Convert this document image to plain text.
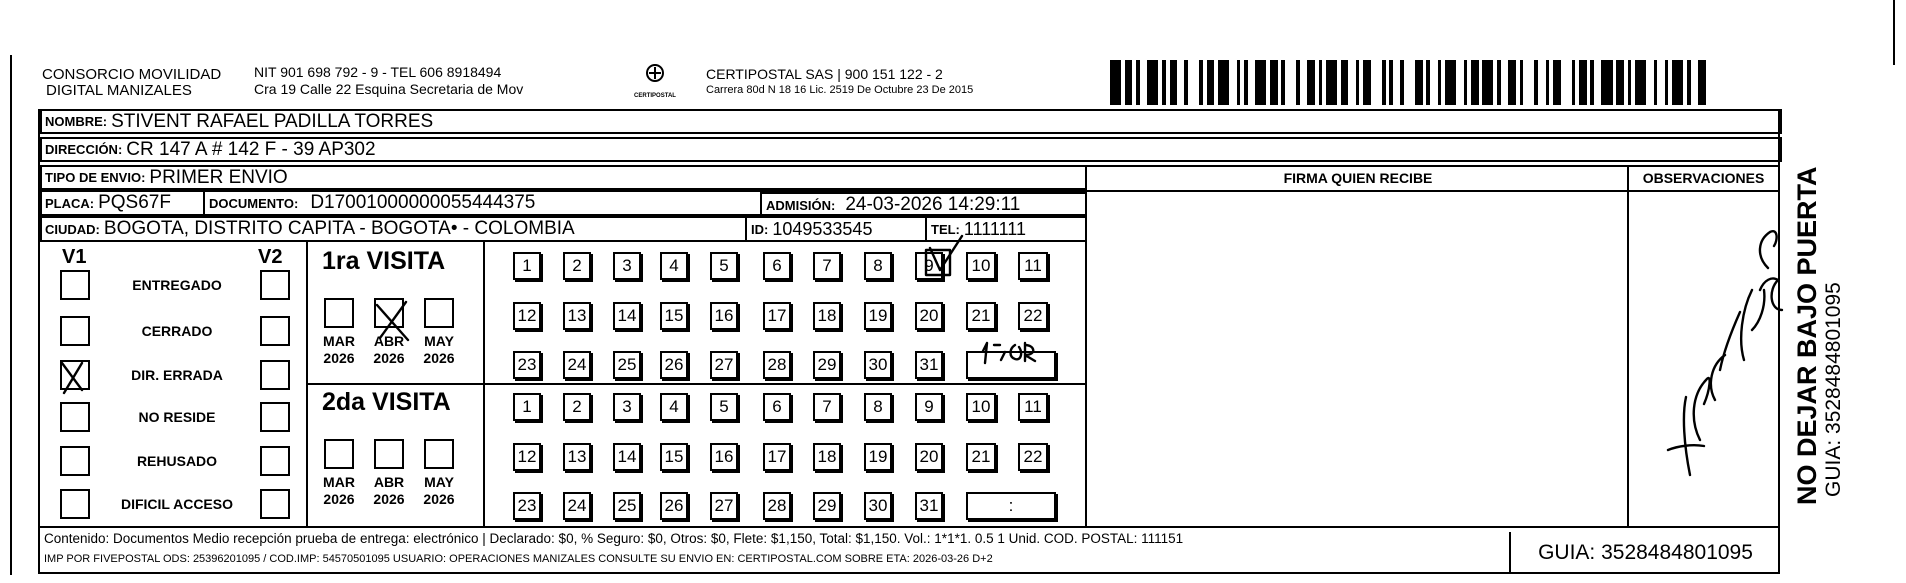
CONSORCIO MOVILIDAD
DIGITAL MANIZALES
NIT 901 698 792 - 9 - TEL 606 8918494
Cra 19 Calle 22 Esquina Secretaria de Mov	CERTIPOSTAL
CERTIPOSTAL SAS | 900 151 122 - 2
Carrera 80d N 18 16 Lic. 2519 De Octubre 23 De 2015
NOMBRE: STIVENT RAFAEL PADILLA TORRES
DIRECCIÓN: CR 147 A # 142 F - 39 AP302
TIPO DE ENVIO: PRIMER ENVIO
PLACA: PQS67F	DOCUMENTO: D17001000000055444375	ADMISIÓN: 24-03-2026 14:29:11
CIUDAD: BOGOTA, DISTRITO CAPITA - BOGOTA• - COLOMBIA	ID: 1049533545	TEL: 1111111
FIRMA QUIEN RECIBE	OBSERVACIONES
V1	V2
ENTREGADO
CERRADO
DIR. ERRADA
NO RESIDE
REHUSADO
DIFICIL ACCESO
1ra VISITA
MAR
2026
ABR
2026
MAY
2026
1	2	3	4	5	6	7	8	9	10	11
12 13 14 15 16 17 18 19 20	21	22
23 24 25 26 27 28 29 30 31
2da VISITA
MAR
2026
ABR
2026
MAY
2026
1	2	3	4	5	6	7	8	9	10	11
12 13 14 15 16 17 18 19 20	21	22
23 24 25 26 27 28 29 30 31	:
Contenido: Documentos Medio recepción prueba de entrega: electrónico | Declarado: $0, % Seguro: $0, Otros: $0, Flete: $1,150, Total: $1,150. Vol.: 1*1*1. 0.5 1 Unid. COD. POSTAL: 111151
IMP POR FIVEPOSTAL ODS: 25396201095 / COD.IMP: 54570501095 USUARIO: OPERACIONES MANIZALES CONSULTE SU ENVIO EN: CERTIPOSTAL.COM SOBRE ETA: 2026-03-26 D+2	GUIA: 3528484801095
NO DEJAR BAJO PUERTA GUIA: 3528484801095
